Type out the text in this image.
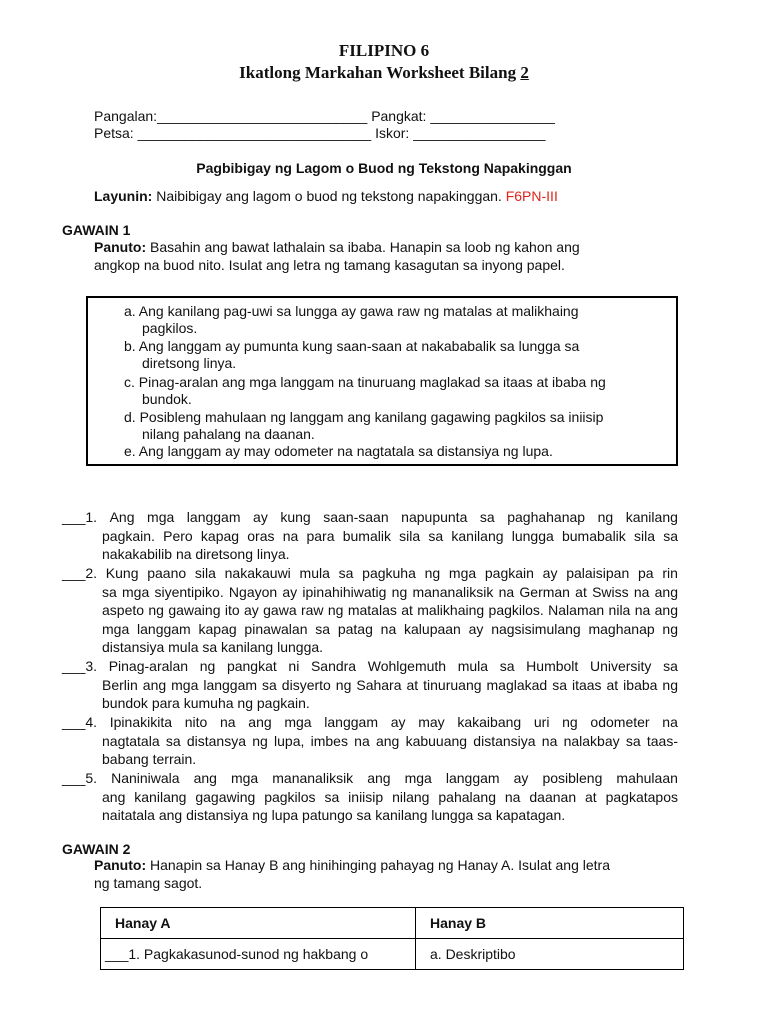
FILIPINO 6
Ikatlong Markahan Worksheet Bilang 2
Pangalan:___________________________ Pangkat: ________________
Petsa: ______________________________ Iskor: _________________
Pagbibigay ng Lagom o Buod ng Tekstong Napakinggan
Layunin: Naibibigay ang lagom o buod ng tekstong napakinggan. F6PN-III
GAWAIN 1
Panuto: Basahin ang bawat lathalain sa ibaba. Hanapin sa loob ng kahon ang
angkop na buod nito. Isulat ang letra ng tamang kasagutan sa inyong papel.
a. Ang kanilang pag-uwi sa lungga ay gawa raw ng matalas at malikhaing
pagkilos.
b. Ang langgam ay pumunta kung saan-saan at nakababalik sa lungga sa
diretsong linya.
c. Pinag-aralan ang mga langgam na tinuruang maglakad sa itaas at ibaba ng
bundok.
d. Posibleng mahulaan ng langgam ang kanilang gagawing pagkilos sa iniisip
nilang pahalang na daanan.
e. Ang langgam ay may odometer na nagtatala sa distansiya ng lupa.
___1. Ang mga langgam ay kung saan-saan napupunta sa paghahanap ng kanilang
pagkain. Pero kapag oras na para bumalik sila sa kanilang lungga bumabalik sila sa nakakabilib na diretsong linya.
___2. Kung paano sila nakakauwi mula sa pagkuha ng mga pagkain ay palaisipan pa rin
sa mga siyentipiko. Ngayon ay ipinahihiwatig ng mananaliksik na German at Swiss na ang aspeto ng gawaing ito ay gawa raw ng matalas at malikhaing pagkilos. Nalaman nila na ang mga langgam kapag pinawalan sa patag na kalupaan ay nagsisimulang maghanap ng distansiya mula sa kanilang lungga.
___3. Pinag-aralan ng pangkat ni Sandra Wohlgemuth mula sa Humbolt University sa
Berlin ang mga langgam sa disyerto ng Sahara at tinuruang maglakad sa itaas at ibaba ng bundok para kumuha ng pagkain.
___4. Ipinakikita nito na ang mga langgam ay may kakaibang uri ng odometer na
nagtatala sa distansya ng lupa, imbes na ang kabuuang distansiya na nalakbay sa taas-babang terrain.
___5. Naniniwala ang mga mananaliksik ang mga langgam ay posibleng mahulaan
ang kanilang gagawing pagkilos sa iniisip nilang pahalang na daanan at pagkatapos naitatala ang distansiya ng lupa patungo sa kanilang lungga sa kapatagan.
GAWAIN 2
Panuto: Hanapin sa Hanay B ang hinihinging pahayag ng Hanay A. Isulat ang letra
ng tamang sagot.
Hanay A	Hanay B
___1. Pagkakasunod-sunod ng hakbang o	a. Deskriptibo
